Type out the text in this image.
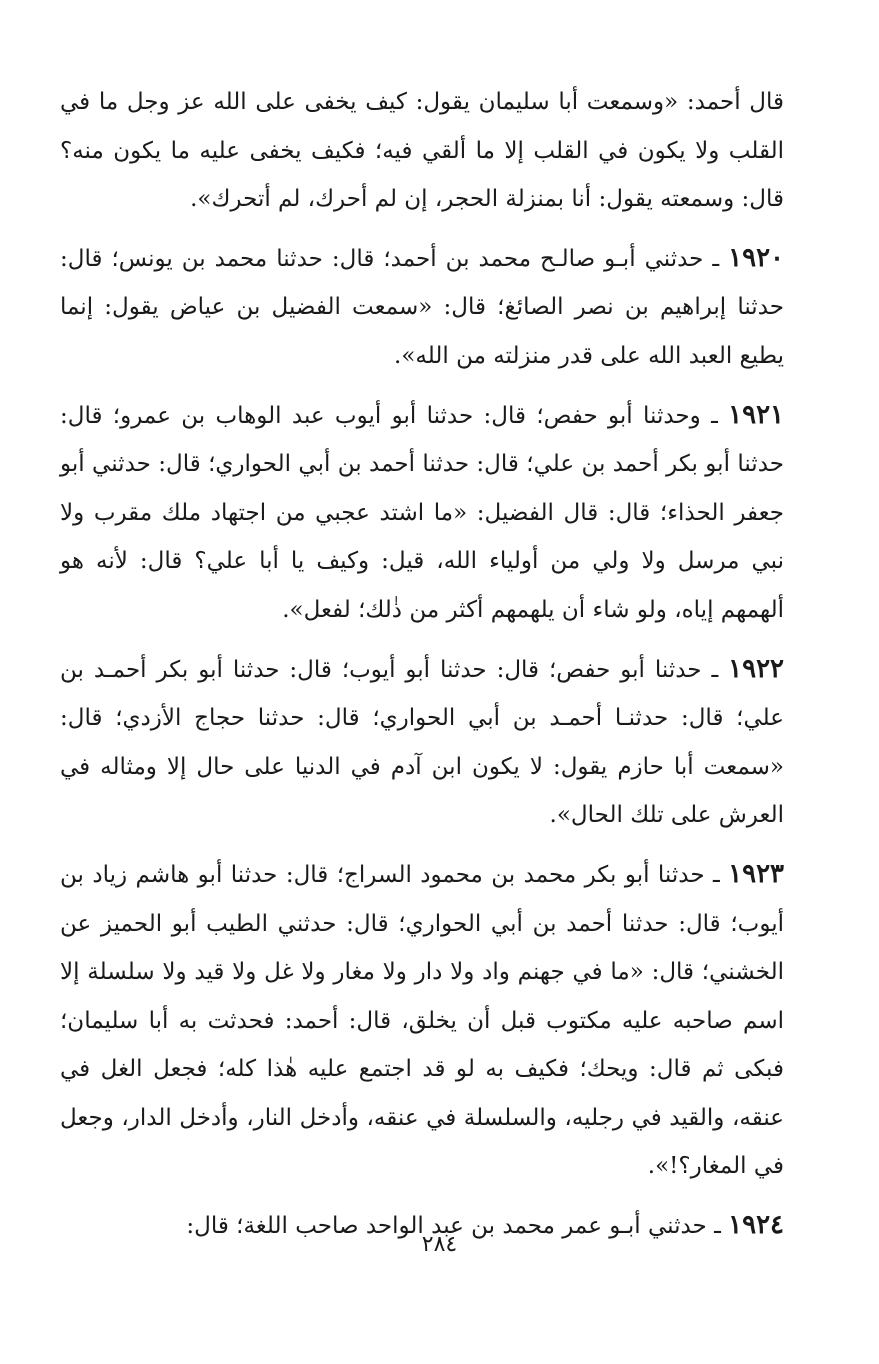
قال أحمد: «وسمعت أبا سليمان يقول: كيف يخفى على الله عز وجل ما في القلب ولا يكون في القلب إلا ما ألقي فيه؛ فكيف يخفى عليه ما يكون منه؟ قال: وسمعته يقول: أنا بمنزلة الحجر، إن لم أحرك، لم أتحرك».

١٩٢٠ ـ حدثني أبـو صالـح محمد بن أحمد؛ قال: حدثنا محمد بن يونس؛ قال: حدثنا إبراهيم بن نصر الصائغ؛ قال: «سمعت الفضيل بن عياض يقول: إنما يطيع العبد الله على قدر منزلته من الله».

١٩٢١ ـ وحدثنا أبو حفص؛ قال: حدثنا أبو أيوب عبد الوهاب بن عمرو؛ قال: حدثنا أبو بكر أحمد بن علي؛ قال: حدثنا أحمد بن أبي الحواري؛ قال: حدثني أبو جعفر الحذاء؛ قال: قال الفضيل: «ما اشتد عجبي من اجتهاد ملك مقرب ولا نبي مرسل ولا ولي من أولياء الله، قيل: وكيف يا أبا علي؟ قال: لأنه هو ألهمهم إياه، ولو شاء أن يلهمهم أكثر من ذٰلك؛ لفعل».

١٩٢٢ ـ حدثنا أبو حفص؛ قال: حدثنا أبو أيوب؛ قال: حدثنا أبو بكر أحمـد بن علي؛ قال: حدثنـا أحمـد بن أبي الحواري؛ قال: حدثنا حجاج الأزدي؛ قال: «سمعت أبا حازم يقول: لا يكون ابن آدم في الدنيا على حال إلا ومثاله في العرش على تلك الحال».

١٩٢٣ ـ حدثنا أبو بكر محمد بن محمود السراج؛ قال: حدثنا أبو هاشم زياد بن أيوب؛ قال: حدثنا أحمد بن أبي الحواري؛ قال: حدثني الطيب أبو الحميز عن الخشني؛ قال: «ما في جهنم واد ولا دار ولا مغار ولا غل ولا قيد ولا سلسلة إلا اسم صاحبه عليه مكتوب قبل أن يخلق، قال: أحمد: فحدثت به أبا سليمان؛ فبكى ثم قال: ويحك؛ فكيف به لو قد اجتمع عليه هٰذا كله؛ فجعل الغل في عنقه، والقيد في رجليه، والسلسلة في عنقه، وأدخل النار، وأدخل الدار، وجعل في المغار؟!».

١٩٢٤ ـ حدثني أبـو عمر محمد بن عبد الواحد صاحب اللغة؛ قال:

٢٨٤
